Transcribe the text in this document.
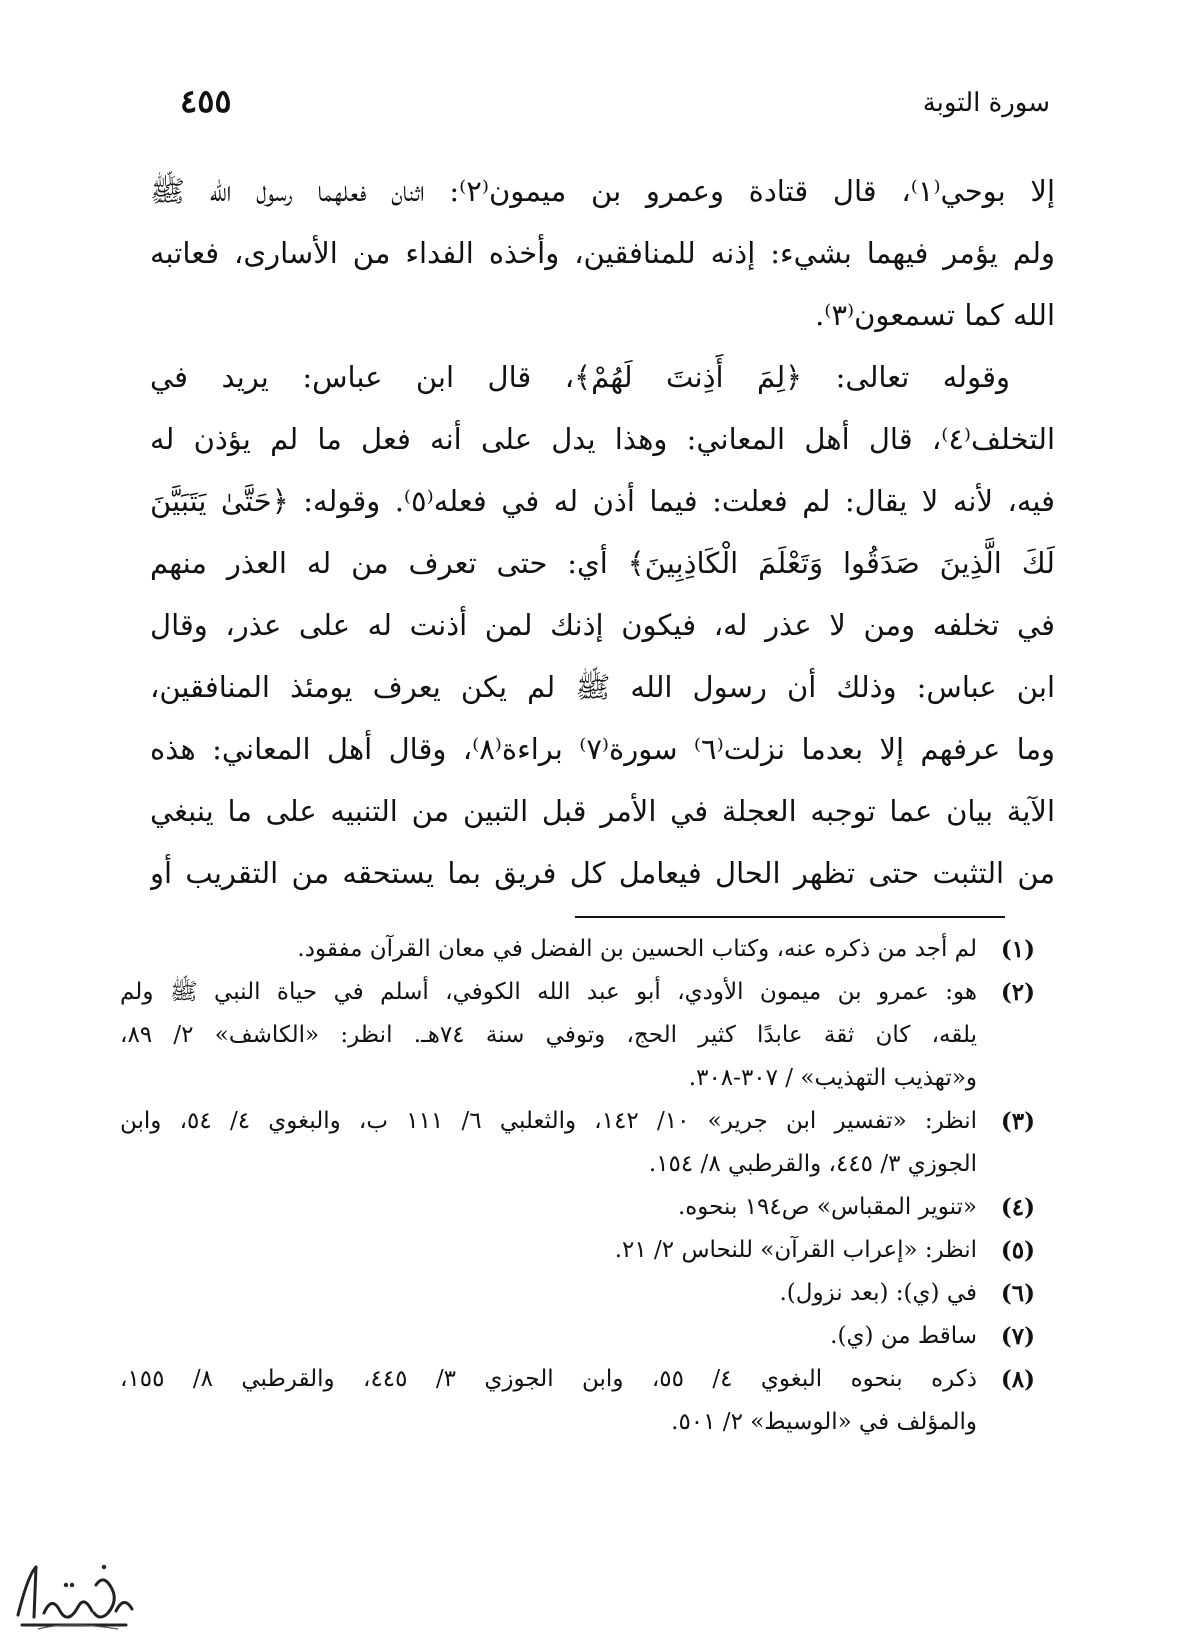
سورة التوبة
٤٥٥
إلا بوحي⁽١⁾، قال قتادة وعمرو بن ميمون⁽٢⁾: اثنان فعلهما رسول الله ﷺ
ولم يؤمر فيهما بشيء: إذنه للمنافقين، وأخذه الفداء من الأسارى، فعاتبه
الله كما تسمعون⁽٣⁾.
وقوله تعالى: ﴿لِمَ أَذِنتَ لَهُمْ﴾، قال ابن عباس: يريد في
التخلف⁽٤⁾، قال أهل المعاني: وهذا يدل على أنه فعل ما لم يؤذن له
فيه، لأنه لا يقال: لم فعلت: فيما أذن له في فعله⁽٥⁾. وقوله: ﴿حَتَّىٰ يَتَبَيَّنَ
لَكَ الَّذِينَ صَدَقُوا وَتَعْلَمَ الْكَاذِبِينَ﴾ أي: حتى تعرف من له العذر منهم
في تخلفه ومن لا عذر له، فيكون إذنك لمن أذنت له على عذر، وقال
ابن عباس: وذلك أن رسول الله ﷺ لم يكن يعرف يومئذ المنافقين،
وما عرفهم إلا بعدما نزلت⁽٦⁾ سورة⁽٧⁾ براءة⁽٨⁾، وقال أهل المعاني: هذه
الآية بيان عما توجبه العجلة في الأمر قبل التبين من التنبيه على ما ينبغي
من التثبت حتى تظهر الحال فيعامل كل فريق بما يستحقه من التقريب أو
(١)
لم أجد من ذكره عنه، وكتاب الحسين بن الفضل في معان القرآن مفقود.
(٢)
هو: عمرو بن ميمون الأودي، أبو عبد الله الكوفي، أسلم في حياة النبي ﷺ ولم
يلقه، كان ثقة عابدًا كثير الحج، وتوفي سنة ٧٤هـ. انظر: «الكاشف» ٢/ ٨٩،
و«تهذيب التهذيب» / ٣٠٧-٣٠٨.
(٣)
انظر: «تفسير ابن جرير» ١٠/ ١٤٢، والثعلبي ٦/ ١١١ ب، والبغوي ٤/ ٥٤، وابن
الجوزي ٣/ ٤٤٥، والقرطبي ٨/ ١٥٤.
(٤)
«تنوير المقباس» ص١٩٤ بنحوه.
(٥)
انظر: «إعراب القرآن» للنحاس ٢/ ٢١.
(٦)
في (ي): (بعد نزول).
(٧)
ساقط من (ي).
(٨)
ذكره بنحوه البغوي ٤/ ٥٥، وابن الجوزي ٣/ ٤٤٥، والقرطبي ٨/ ١٥٥،
والمؤلف في «الوسيط» ٢/ ٥٠١.
